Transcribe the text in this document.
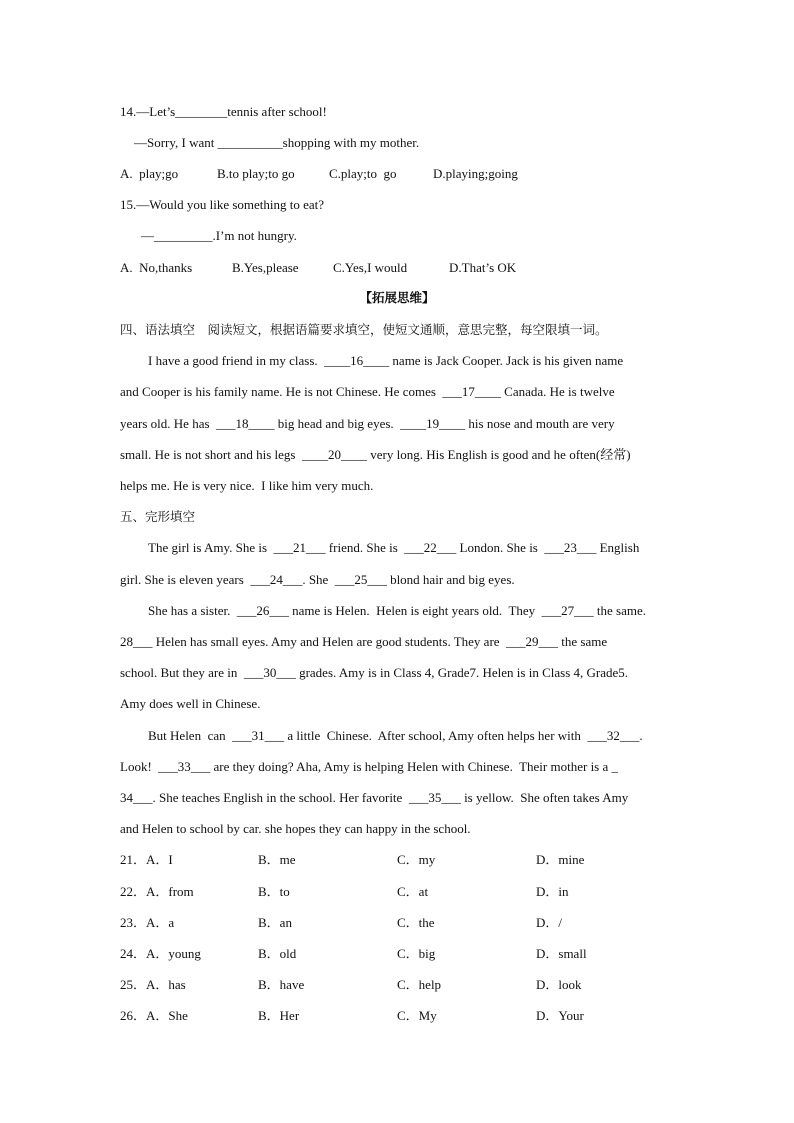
14.—Let’s________tennis after school!
—Sorry, I want __________shopping with my mother.
A.  play;go	B.to play;to go	C.play;to  go	D.playing;going
15.—Would you like something to eat?
—_________.I’m not hungry.
A.  No,thanks	B.Yes,please	C.Yes,I would	D.That’s OK
【拓展思维】
四、语法填空　阅读短文，根据语篇要求填空，使短文通顺，意思完整，每空限填一词。
I have a good friend in my class.  ____16____ name is Jack Cooper. Jack is his given name
and Cooper is his family name. He is not Chinese. He comes  ___17____ Canada. He is twelve
years old. He has  ___18____ big head and big eyes.  ____19____ his nose and mouth are very
small. He is not short and his legs  ____20____ very long. His English is good and he often(经常)
helps me. He is very nice.  I like him very much.
五、完形填空
The girl is Amy. She is  ___21___ friend. She is  ___22___ London. She is  ___23___ English
girl. She is eleven years  ___24___. She  ___25___ blond hair and big eyes.
She has a sister.  ___26___ name is Helen.  Helen is eight years old.  They  ___27___ the same.
28___ Helen has small eyes. Amy and Helen are good students. They are  ___29___ the same
school. But they are in  ___30___ grades. Amy is in Class 4, Grade7. Helen is in Class 4, Grade5.
Amy does well in Chinese.
But Helen  can  ___31___ a little  Chinese.  After school, Amy often helps her with  ___32___.
Look!  ___33___ are they doing? Aha, Amy is helping Helen with Chinese.  Their mother is a _
34___. She teaches English in the school. Her favorite  ___35___ is yellow.  She often takes Amy
and Helen to school by car. she hopes they can happy in the school.
21．A．I	B．me	C．my	D．mine
22．A．from	B．to	C．at	D．in
23．A．a	B．an	C．the	D．/
24．A．young	B．old	C．big	D．small
25．A．has	B．have	C．help	D．look
26．A．She	B．Her	C．My	D．Your
